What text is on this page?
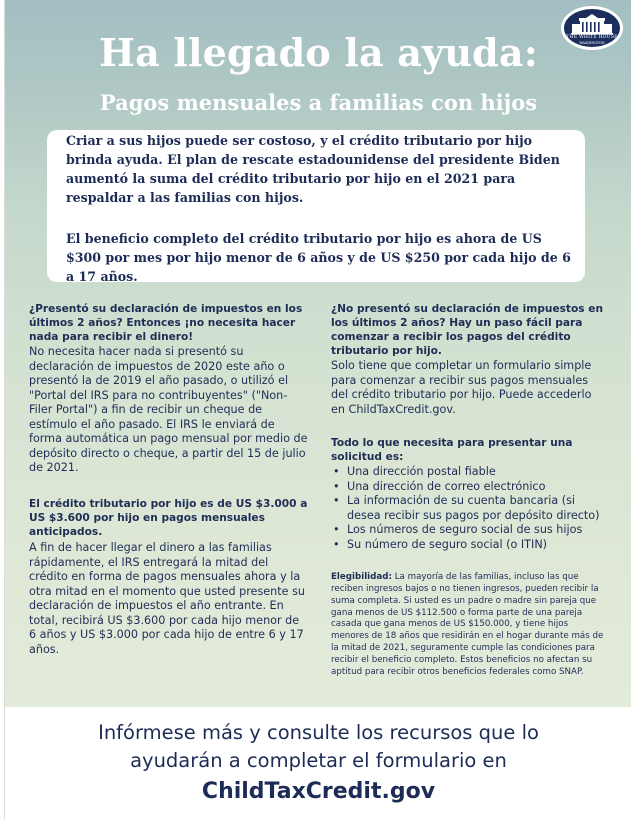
THE WHITE HOUSE
WASHINGTON
Ha llegado la ayuda:
Pagos mensuales a familias con hijos

Criar a sus hijos puede ser costoso, y el crédito tributario por hijo brinda ayuda. El plan de rescate estadounidense del presidente Biden aumentó la suma del crédito tributario por hijo en el 2021 para respaldar a las familias con hijos.

El beneficio completo del crédito tributario por hijo es ahora de US $300 por mes por hijo menor de 6 años y de US $250 por cada hijo de 6 a 17 años.

¿Presentó su declaración de impuestos en los últimos 2 años? Entonces ¡no necesita hacer nada para recibir el dinero!
No necesita hacer nada si presentó su declaración de impuestos de 2020 este año o presentó la de 2019 el año pasado, o utilizó el "Portal del IRS para no contribuyentes" ("Non-Filer Portal") a fin de recibir un cheque de estímulo el año pasado. El IRS le enviará de forma automática un pago mensual por medio de depósito directo o cheque, a partir del 15 de julio de 2021.
El crédito tributario por hijo es de US $3.000 a US $3.600 por hijo en pagos mensuales anticipados.
A fin de hacer llegar el dinero a las familias rápidamente, el IRS entregará la mitad del crédito en forma de pagos mensuales ahora y la otra mitad en el momento que usted presente su declaración de impuestos el año entrante. En total, recibirá US $3.600 por cada hijo menor de 6 años y US $3.000 por cada hijo de entre 6 y 17 años.
¿No presentó su declaración de impuestos en los últimos 2 años? Hay un paso fácil para comenzar a recibir los pagos del crédito tributario por hijo.
Solo tiene que completar un formulario simple para comenzar a recibir sus pagos mensuales del crédito tributario por hijo. Puede accederlo en ChildTaxCredit.gov.
Todo lo que necesita para presentar una solicitud es:
• Una dirección postal fiable
• Una dirección de correo electrónico
• La información de su cuenta bancaria (si desea recibir sus pagos por depósito directo)
• Los números de seguro social de sus hijos
• Su número de seguro social (o ITIN)
Elegibilidad: La mayoría de las familias, incluso las que reciben ingresos bajos o no tienen ingresos, pueden recibir la suma completa. Si usted es un padre o madre sin pareja que gana menos de US $112.500 o forma parte de una pareja casada que gana menos de US $150.000, y tiene hijos menores de 18 años que residirán en el hogar durante más de la mitad de 2021, seguramente cumple las condiciones para recibir el beneficio completo. Estos beneficios no afectan su aptitud para recibir otros beneficios federales como SNAP.
Infórmese más y consulte los recursos que lo
ayudarán a completar el formulario en
ChildTaxCredit.gov
